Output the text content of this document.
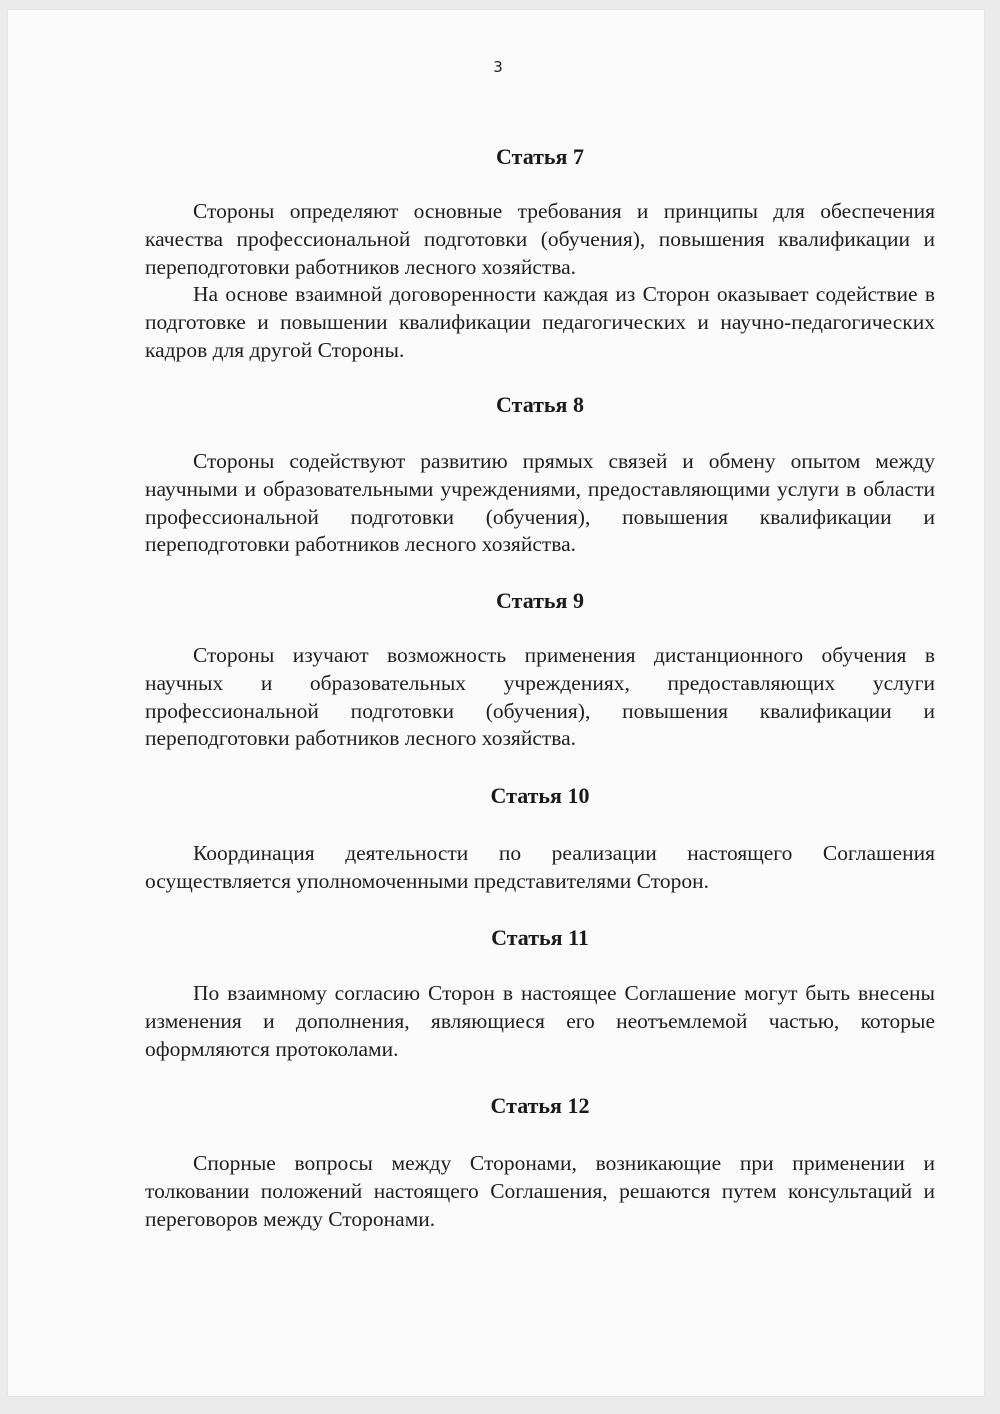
3
Статья 7

Стороны определяют основные требования и принципы для обеспечения качества профессиональной подготовки (обучения), повышения квалификации и переподготовки работников лесного хозяйства.

На основе взаимной договоренности каждая из Сторон оказывает содействие в подготовке и повышении квалификации педагогических и научно-педагогических кадров для другой Стороны.

Статья 8

Стороны содействуют развитию прямых связей и обмену опытом между научными и образовательными учреждениями, предоставляющими услуги в области профессиональной подготовки (обучения), повышения квалификации и переподготовки работников лесного хозяйства.

Статья 9

Стороны изучают возможность применения дистанционного обучения в научных и образовательных учреждениях, предоставляющих услуги профессиональной подготовки (обучения), повышения квалификации и переподготовки работников лесного хозяйства.

Статья 10

Координация деятельности по реализации настоящего Соглашения осуществляется уполномоченными представителями Сторон.

Статья 11

По взаимному согласию Сторон в настоящее Соглашение могут быть внесены изменения и дополнения, являющиеся его неотъемлемой частью, которые оформляются протоколами.

Статья 12

Спорные вопросы между Сторонами, возникающие при применении и толковании положений настоящего Соглашения, решаются путем консультаций и переговоров между Сторонами.
